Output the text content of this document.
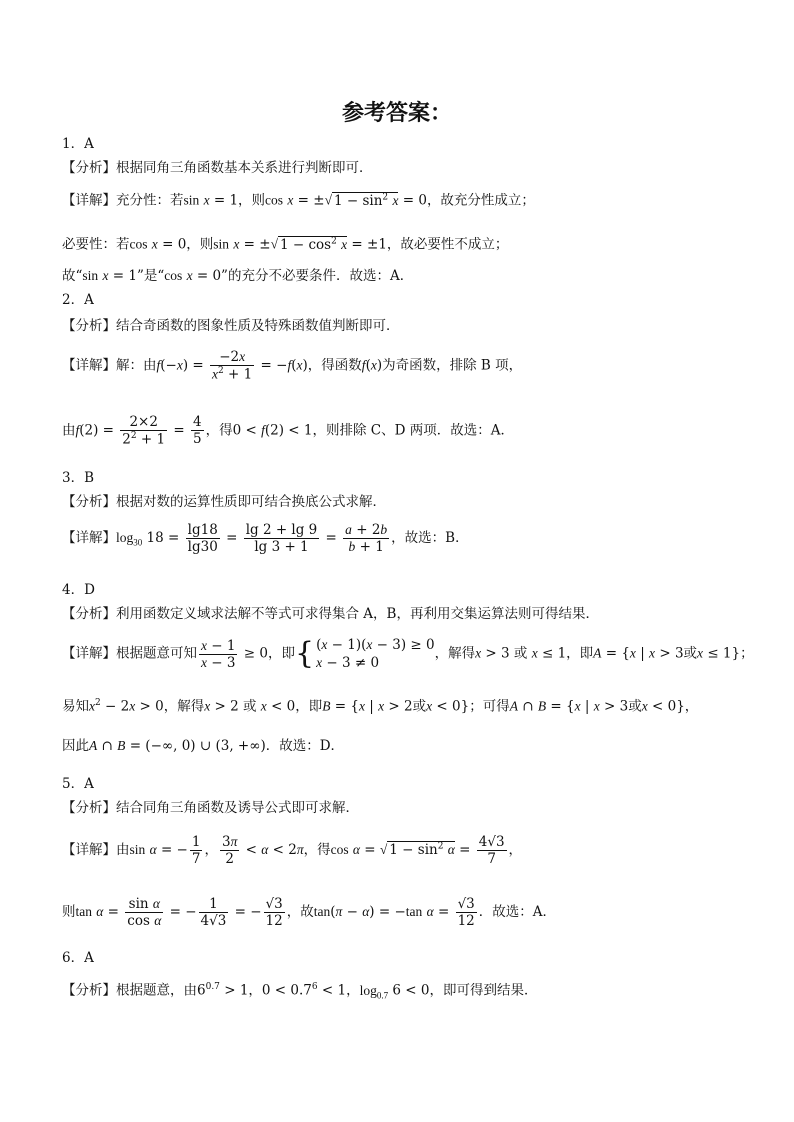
参考答案：
1．A
【分析】根据同角三角函数基本关系进行判断即可．
【详解】充分性：若sin x = 1，则cos x = ±√ $1 - \sin^2 x = 0$，故充分性成立；
必要性：若cos x = 0，则sin x = ±√ $1 - \cos^2 x = \pm 1$，故必要性不成立；
故“sin x = 1”是“cos x = 0”的充分不必要条件．故选：A．
2．A
【分析】结合奇函数的图象性质及特殊函数值判断即可．
【详解】解：由$f(-x) = \frac{-2x}{x^2 + 1} = -f(x)$，得函数f(x)为奇函数，排除 B 项，
由$f(2) = \frac{2\times 2}{2^2 + 1} = \frac{4}{5}$ ，得0 < f(2) < 1，则排除 C、D 两项．故选：A．
3．B
【分析】根据对数的运算性质即可结合换底公式求解．
【详解】$\log_{30} 18 = \frac{\lg 18}{\lg 30} = \frac{\lg 2 + \lg 9}{\lg 3 + 1} = \frac{a + 2b}{b + 1}$ ，故选：B．
4．D
【分析】利用函数定义域求法解不等式可求得集合 A，B，再利用交集运算法则可得结果．
【详解】根据题意可知 $\frac{x - 1}{x - 3} \ge 0$，即{ (x − 1)(x − 3) ≥ 0
x − 3 ≠ 0
，解得x > 3 或 x ≤ 1，即A = {x | x > 3或x ≤ 1}；
易知$x^2 - 2x > 0$，解得x > 2 或 x < 0，即B = {x | x > 2或x < 0}；可得A ∩ B = {x | x > 3或x < 0}，
因此A ∩ B = (−∞, 0) ∪ (3, +∞)．故选：D．
5．A
【分析】结合同角三角函数及诱导公式即可求解．
【详解】由sin α = − $\frac{1}{7}$ ， $\frac{3\pi}{2} < \alpha < 2\pi$，得cos α = √ $1 - \sin^2 \alpha = \frac{4√3}{7}$ ，
则$\tan \alpha = \frac{\text{sin α}}{\text{cos α}}$ = − $\frac{1}{4√3}$ = − $\frac{√3}{12}$ ，故tan(π − α) = −tan $\alpha = \frac{√3}{12}$ ．故选：A．
6．A
【分析】根据题意，由$6^{0.7} > 1$，$0 < 0.7^6 < 1$，$\log_{0.7} 6 < 0$，即可得到结果．
